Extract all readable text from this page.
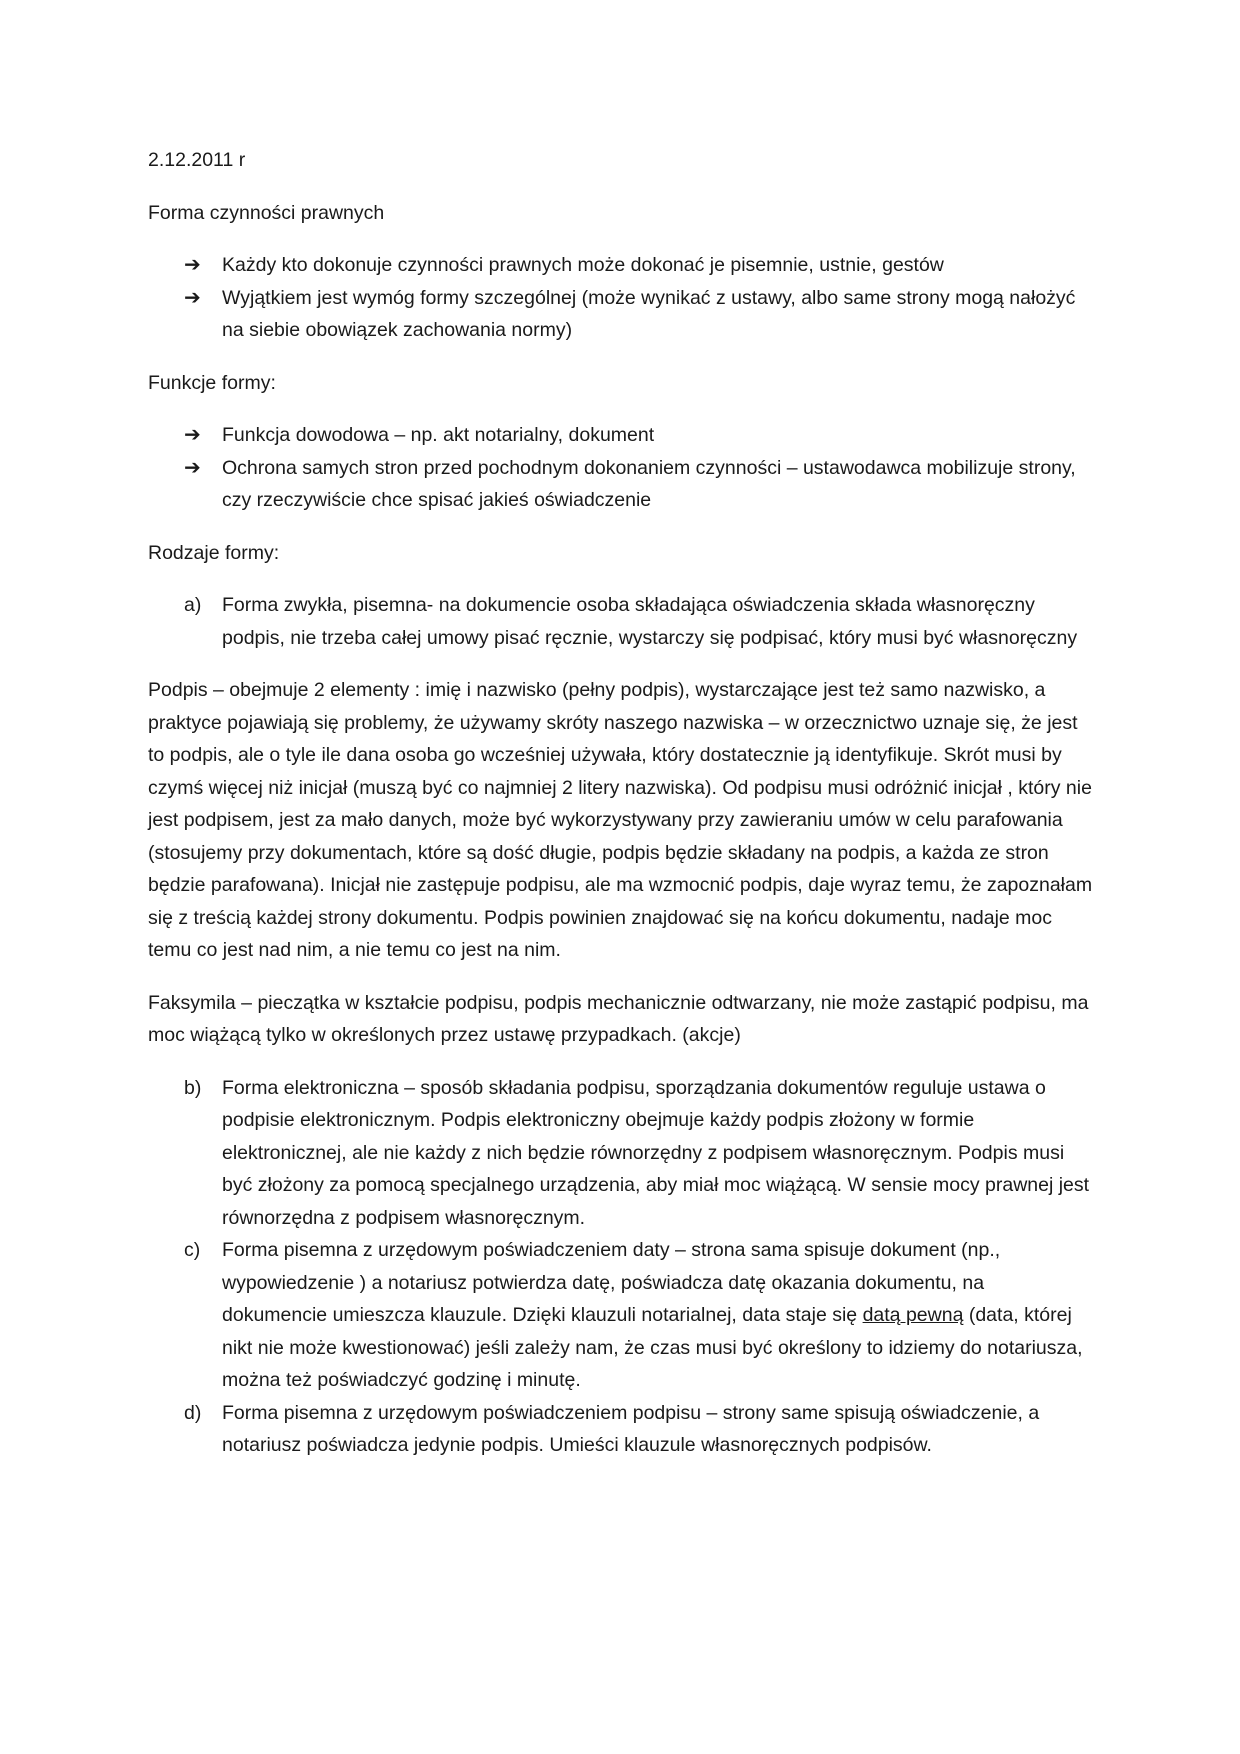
2.12.2011 r

Forma czynności prawnych

➔ Każdy kto dokonuje czynności prawnych może dokonać je pisemnie, ustnie, gestów
➔ Wyjątkiem jest wymóg formy szczególnej (może wynikać z ustawy, albo same strony mogą nałożyć na siebie obowiązek zachowania normy)

Funkcje formy:

➔ Funkcja dowodowa – np. akt notarialny, dokument
➔ Ochrona samych stron przed pochodnym dokonaniem czynności – ustawodawca mobilizuje strony, czy rzeczywiście chce spisać jakieś oświadczenie

Rodzaje formy:

a) Forma zwykła, pisemna- na dokumencie osoba składająca oświadczenia składa własnoręczny podpis, nie trzeba całej umowy pisać ręcznie, wystarczy się podpisać, który musi być własnoręczny

Podpis – obejmuje 2 elementy : imię i nazwisko (pełny podpis), wystarczające jest też samo nazwisko, a praktyce pojawiają się problemy, że używamy skróty naszego nazwiska – w orzecznictwo uznaje się, że jest to podpis, ale o tyle ile dana osoba go wcześniej używała, który dostatecznie ją identyfikuje. Skrót musi by czymś więcej niż inicjał (muszą być co najmniej 2 litery nazwiska). Od podpisu musi odróżnić inicjał , który nie jest podpisem, jest za mało danych, może być wykorzystywany przy zawieraniu umów w celu parafowania (stosujemy przy dokumentach, które są dość długie, podpis będzie składany na podpis, a każda ze stron będzie parafowana). Inicjał nie zastępuje podpisu, ale ma wzmocnić podpis, daje wyraz temu, że zapoznałam się z treścią każdej strony dokumentu. Podpis powinien znajdować się na końcu dokumentu, nadaje moc temu co jest nad nim, a nie temu co jest na nim.

Faksymila – pieczątka w kształcie podpisu, podpis mechanicznie odtwarzany, nie może zastąpić podpisu, ma moc wiążącą tylko w określonych przez ustawę przypadkach. (akcje)

b) Forma elektroniczna – sposób składania podpisu, sporządzania dokumentów reguluje ustawa o podpisie elektronicznym. Podpis elektroniczny obejmuje każdy podpis złożony w formie elektronicznej, ale nie każdy z nich będzie równorzędny z podpisem własnoręcznym. Podpis musi być złożony za pomocą specjalnego urządzenia, aby miał moc wiążącą. W sensie mocy prawnej jest równorzędna z podpisem własnoręcznym.
c) Forma pisemna z urzędowym poświadczeniem daty – strona sama spisuje dokument (np., wypowiedzenie ) a notariusz potwierdza datę, poświadcza datę okazania dokumentu, na dokumencie umieszcza klauzule. Dzięki klauzuli notarialnej, data staje się datą pewną (data, której nikt nie może kwestionować) jeśli zależy nam, że czas musi być określony to idziemy do notariusza, można też poświadczyć godzinę i minutę.
d) Forma pisemna z urzędowym poświadczeniem podpisu – strony same spisują oświadczenie, a notariusz poświadcza jedynie podpis. Umieści klauzule własnoręcznych podpisów.
